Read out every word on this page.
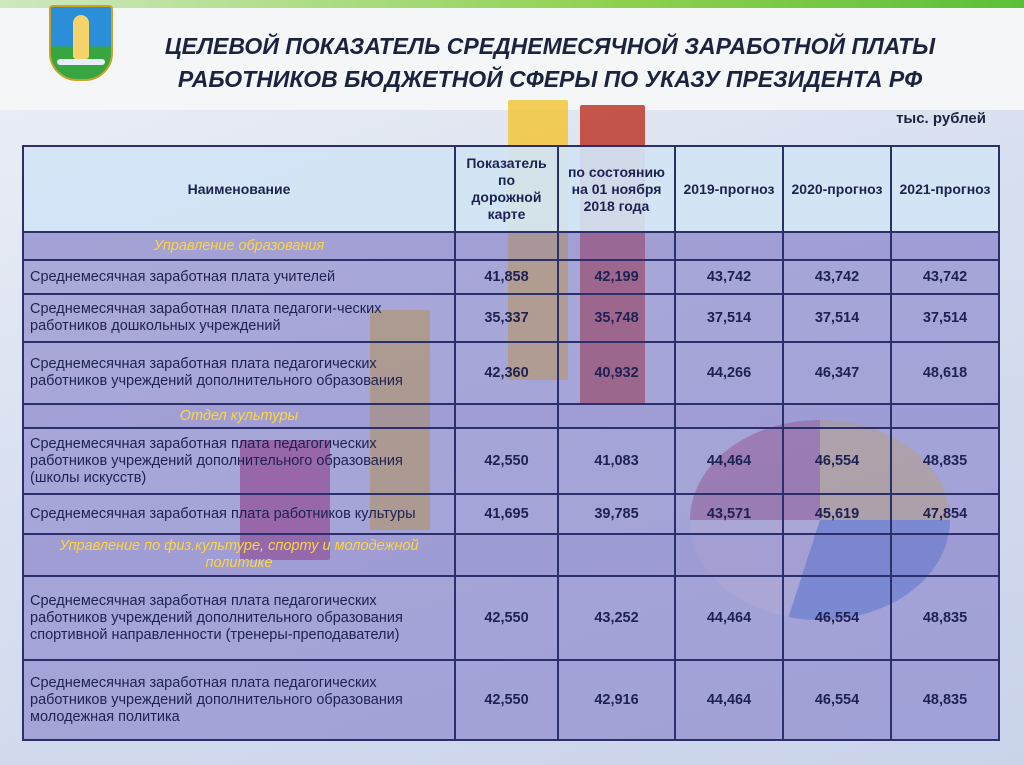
ЦЕЛЕВОЙ ПОКАЗАТЕЛЬ СРЕДНЕМЕСЯЧНОЙ ЗАРАБОТНОЙ ПЛАТЫ
РАБОТНИКОВ БЮДЖЕТНОЙ СФЕРЫ ПО УКАЗУ ПРЕЗИДЕНТА РФ
тыс. рублей
Наименование	Показатель по дорожной карте	по состоянию на 01 ноября 2018 года	2019-прогноз	2020-прогноз	2021-прогноз
Управление образования					
Среднемесячная заработная плата учителей	41,858	42,199	43,742	43,742	43,742
Среднемесячная заработная плата педагоги-ческих работников дошкольных учреждений	35,337	35,748	37,514	37,514	37,514
Среднемесячная заработная плата педагогических работников учреждений дополнительного образования	42,360	40,932	44,266	46,347	48,618
Отдел культуры					
Среднемесячная заработная плата педагогических работников учреждений дополнительного образования (школы искусств)	42,550	41,083	44,464	46,554	48,835
Среднемесячная заработная плата работников культуры	41,695	39,785	43,571	45,619	47,854
Управление по физ.культуре, спорту и молодежной политике					
Среднемесячная заработная плата педагогических работников учреждений дополнительного образования спортивной направленности (тренеры-преподаватели)	42,550	43,252	44,464	46,554	48,835
Среднемесячная заработная плата педагогических работников учреждений дополнительного образования молодежная политика	42,550	42,916	44,464	46,554	48,835
